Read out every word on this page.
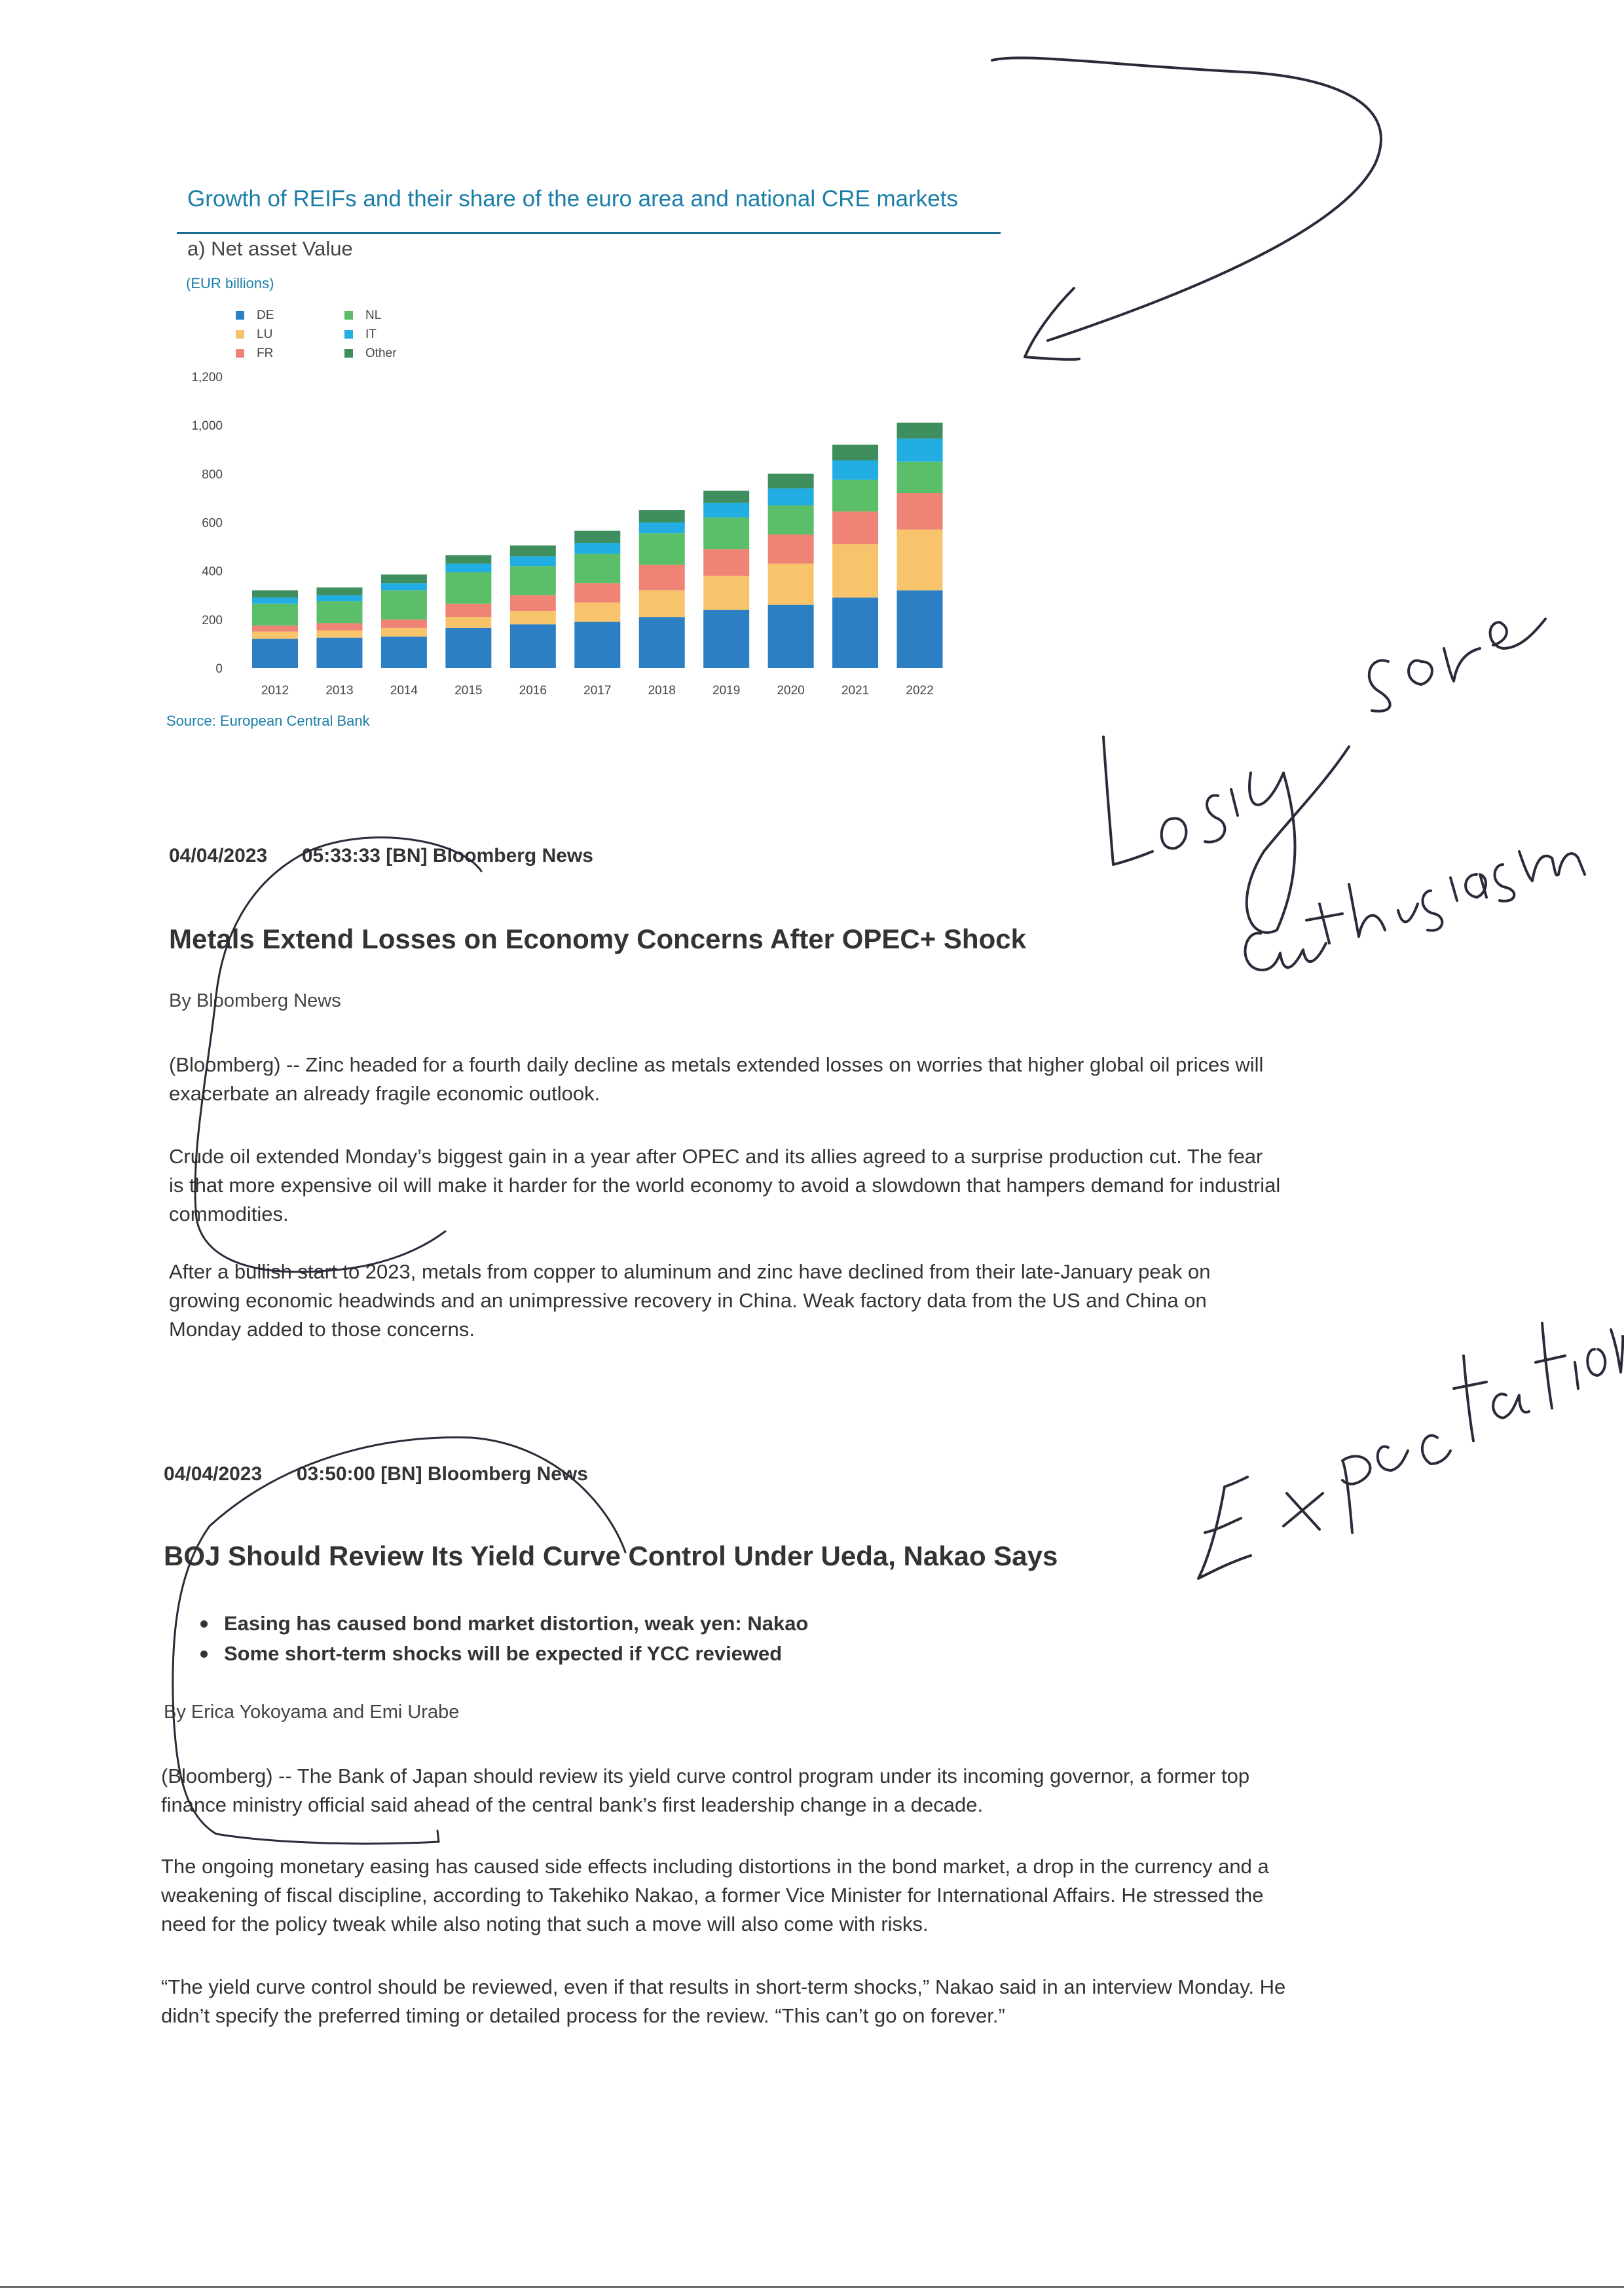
Growth of REIFs and their share of the euro area and national CRE markets
a) Net asset Value
(EUR billions)
DE
LU
FR
NL
IT
Other
0
200
400
600
800
1,000
1,200
2012	2013	2014	2015	2016	2017	2018	2019	2020	2021	2022
Source: European Central Bank
04/04/2023 05:33:33 [BN] Bloomberg News
Metals Extend Losses on Economy Concerns After OPEC+ Shock
By Bloomberg News
(Bloomberg) -- Zinc headed for a fourth daily decline as metals extended losses on worries that higher global oil prices will exacerbate an already fragile economic outlook.
Crude oil extended Monday’s biggest gain in a year after OPEC and its allies agreed to a surprise production cut. The fear is that more expensive oil will make it harder for the world economy to avoid a slowdown that hampers demand for industrial commodities.
After a bullish start to 2023, metals from copper to aluminum and zinc have declined from their late-January peak on growing economic headwinds and an unimpressive recovery in China. Weak factory data from the US and China on Monday added to those concerns.
04/04/2023 03:50:00 [BN] Bloomberg News
BOJ Should Review Its Yield Curve Control Under Ueda, Nakao Says
Easing has caused bond market distortion, weak yen: Nakao
Some short-term shocks will be expected if YCC reviewed
By Erica Yokoyama and Emi Urabe
(Bloomberg) -- The Bank of Japan should review its yield curve control program under its incoming governor, a former top finance ministry official said ahead of the central bank’s first leadership change in a decade.
The ongoing monetary easing has caused side effects including distortions in the bond market, a drop in the currency and a weakening of fiscal discipline, according to Takehiko Nakao, a former Vice Minister for International Affairs. He stressed the need for the policy tweak while also noting that such a move will also come with risks.
“The yield curve control should be reviewed, even if that results in short-term shocks,” Nakao said in an interview Monday. He didn’t specify the preferred timing or detailed process for the review. “This can’t go on forever.”
